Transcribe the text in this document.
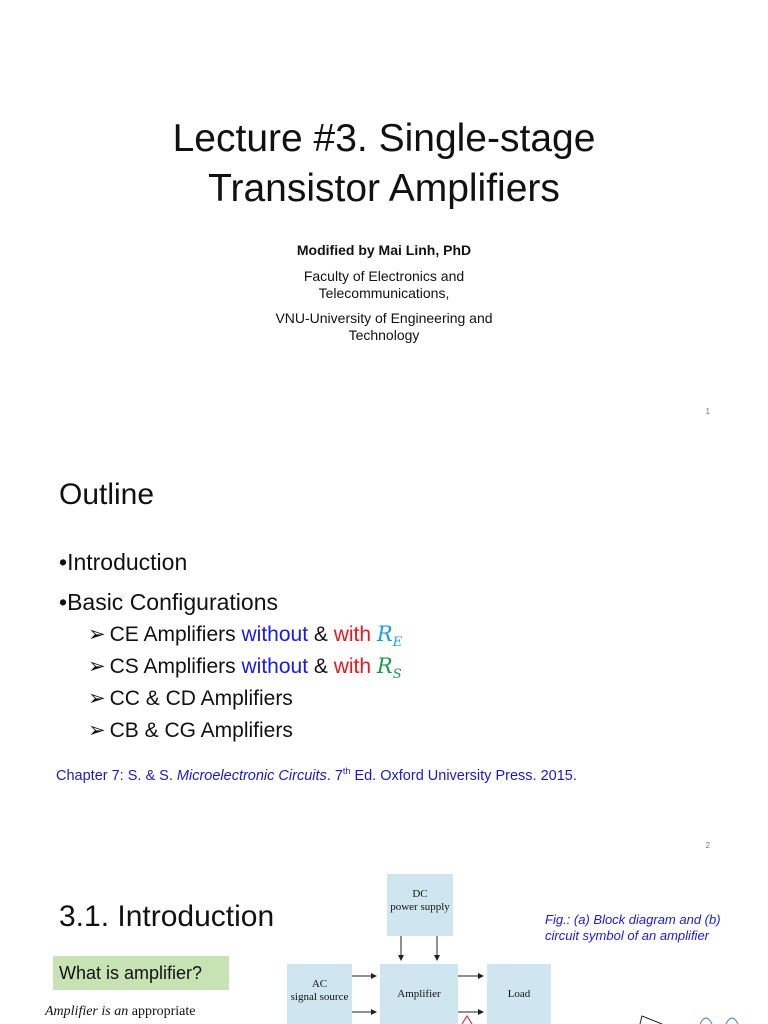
Lecture #3. Single-stage
Transistor Amplifiers
Modified by Mai Linh, PhD
Faculty of Electronics and
Telecommunications,
VNU-University of Engineering and
Technology
1
Outline
•Introduction
•Basic Configurations
➢ CE Amplifiers without & with $R_E$
➢ CS Amplifiers without & with $R_S$
➢ CC & CD Amplifiers
➢ CB & CG Amplifiers
Chapter 7: S. & S. Microelectronic Circuits. 7th Ed. Oxford University Press. 2015.
2
3.1. Introduction
What is amplifier?
Amplifier is an appropriate
DC
power supply
AC
signal source	Amplifier	Load
Fig.: (a) Block diagram and (b)
circuit symbol of an amplifier
